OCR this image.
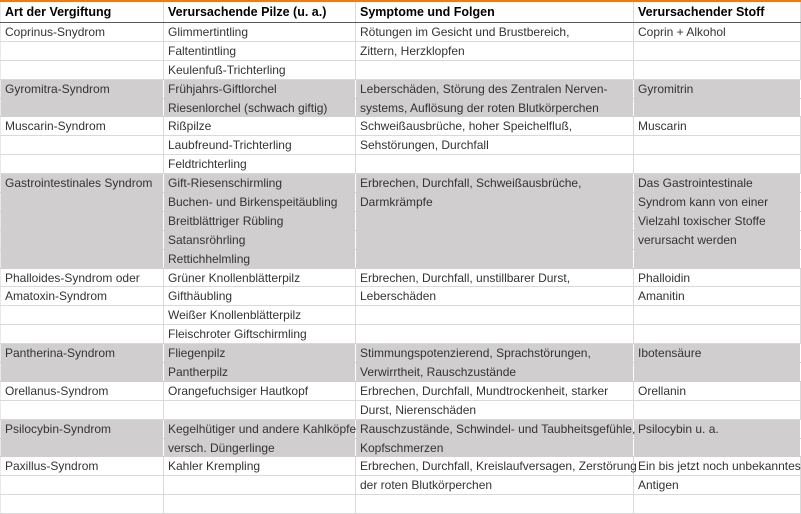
Art der Vergiftung	Verursachende Pilze (u. a.)	Symptome und Folgen	Verursachender Stoff
Coprinus-Snydrom	Glimmertintling	Rötungen im Gesicht und Brustbereich,	Coprin + Alkohol
	Faltentintling	Zittern, Herzklopfen	
	Keulenfuß-Trichterling		
Gyromitra-Syndrom	Frühjahrs-Giftlorchel	Leberschäden, Störung des Zentralen Nerven-	Gyromitrin
	Riesenlorchel (schwach giftig)	systems, Auflösung der roten Blutkörperchen	
Muscarin-Syndrom	Rißpilze	Schweißausbrüche, hoher Speichelfluß,	Muscarin
	Laubfreund-Trichterling	Sehstörungen, Durchfall	
	Feldtrichterling		
Gastrointestinales Syndrom	Gift-Riesenschirmling	Erbrechen, Durchfall, Schweißausbrüche,	Das Gastrointestinale
	Buchen- und Birkenspeitäubling	Darmkrämpfe	Syndrom kann von einer
	Breitblättriger Rübling		Vielzahl toxischer Stoffe
	Satansröhrling		verursacht werden
	Rettichhelmling		
Phalloides-Syndrom oder	Grüner Knollenblätterpilz	Erbrechen, Durchfall, unstillbarer Durst,	Phalloidin
Amatoxin-Syndrom	Gifthäubling	Leberschäden	Amanitin
	Weißer Knollenblätterpilz		
	Fleischroter Giftschirmling		
Pantherina-Syndrom	Fliegenpilz	Stimmungspotenzierend, Sprachstörungen,	Ibotensäure
	Pantherpilz	Verwirrtheit, Rauschzustände	
Orellanus-Syndrom	Orangefuchsiger Hautkopf	Erbrechen, Durchfall, Mundtrockenheit, starker	Orellanin
		Durst, Nierenschäden	
Psilocybin-Syndrom	Kegelhütiger und andere Kahlköpfe	Rauschzustände, Schwindel- und Taubheitsgefühle,	Psilocybin u. a.
	versch. Düngerlinge	Kopfschmerzen	
Paxillus-Syndrom	Kahler Krempling	Erbrechen, Durchfall, Kreislaufversagen, Zerstörung	Ein bis jetzt noch unbekanntes
		der roten Blutkörperchen	Antigen
